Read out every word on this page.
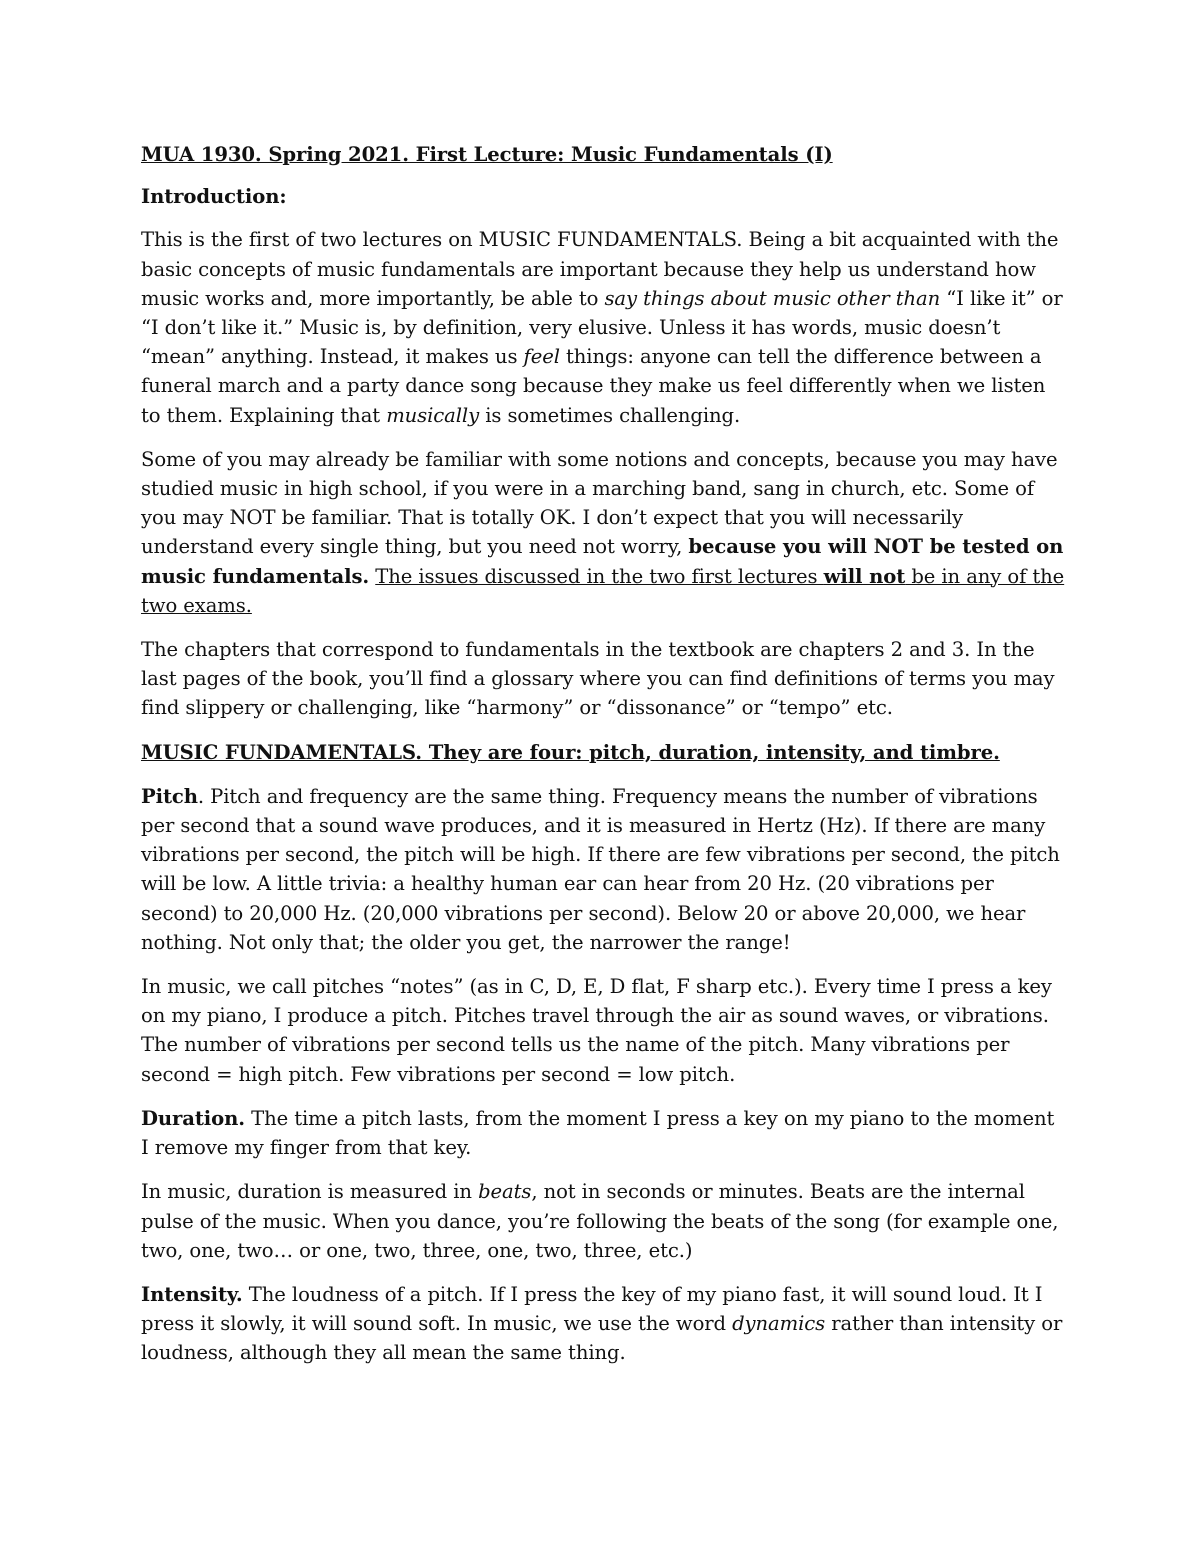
MUA 1930. Spring 2021. First Lecture: Music Fundamentals (I)
Introduction:

This is the first of two lectures on MUSIC FUNDAMENTALS. Being a bit acquainted with the basic concepts of music fundamentals are important because they help us understand how music works and, more importantly, be able to say things about music other than “I like it” or “I don’t like it.” Music is, by definition, very elusive. Unless it has words, music doesn’t “mean” anything. Instead, it makes us feel things: anyone can tell the difference between a funeral march and a party dance song because they make us feel differently when we listen to them. Explaining that musically is sometimes challenging.

Some of you may already be familiar with some notions and concepts, because you may have studied music in high school, if you were in a marching band, sang in church, etc. Some of you may NOT be familiar. That is totally OK. I don’t expect that you will necessarily understand every single thing, but you need not worry, because you will NOT be tested on music fundamentals. The issues discussed in the two first lectures will not be in any of the two exams.

The chapters that correspond to fundamentals in the textbook are chapters 2 and 3. In the last pages of the book, you’ll find a glossary where you can find definitions of terms you may find slippery or challenging, like “harmony” or “dissonance” or “tempo” etc.

MUSIC FUNDAMENTALS. They are four: pitch, duration, intensity, and timbre.

Pitch. Pitch and frequency are the same thing. Frequency means the number of vibrations per second that a sound wave produces, and it is measured in Hertz (Hz). If there are many vibrations per second, the pitch will be high. If there are few vibrations per second, the pitch will be low. A little trivia: a healthy human ear can hear from 20 Hz. (20 vibrations per second) to 20,000 Hz. (20,000 vibrations per second). Below 20 or above 20,000, we hear nothing. Not only that; the older you get, the narrower the range!

In music, we call pitches “notes” (as in C, D, E, D flat, F sharp etc.). Every time I press a key on my piano, I produce a pitch. Pitches travel through the air as sound waves, or vibrations. The number of vibrations per second tells us the name of the pitch. Many vibrations per second = high pitch. Few vibrations per second = low pitch.

Duration. The time a pitch lasts, from the moment I press a key on my piano to the moment I remove my finger from that key.

In music, duration is measured in beats, not in seconds or minutes. Beats are the internal pulse of the music. When you dance, you’re following the beats of the song (for example one, two, one, two… or one, two, three, one, two, three, etc.)

Intensity. The loudness of a pitch. If I press the key of my piano fast, it will sound loud. It I press it slowly, it will sound soft. In music, we use the word dynamics rather than intensity or loudness, although they all mean the same thing.
